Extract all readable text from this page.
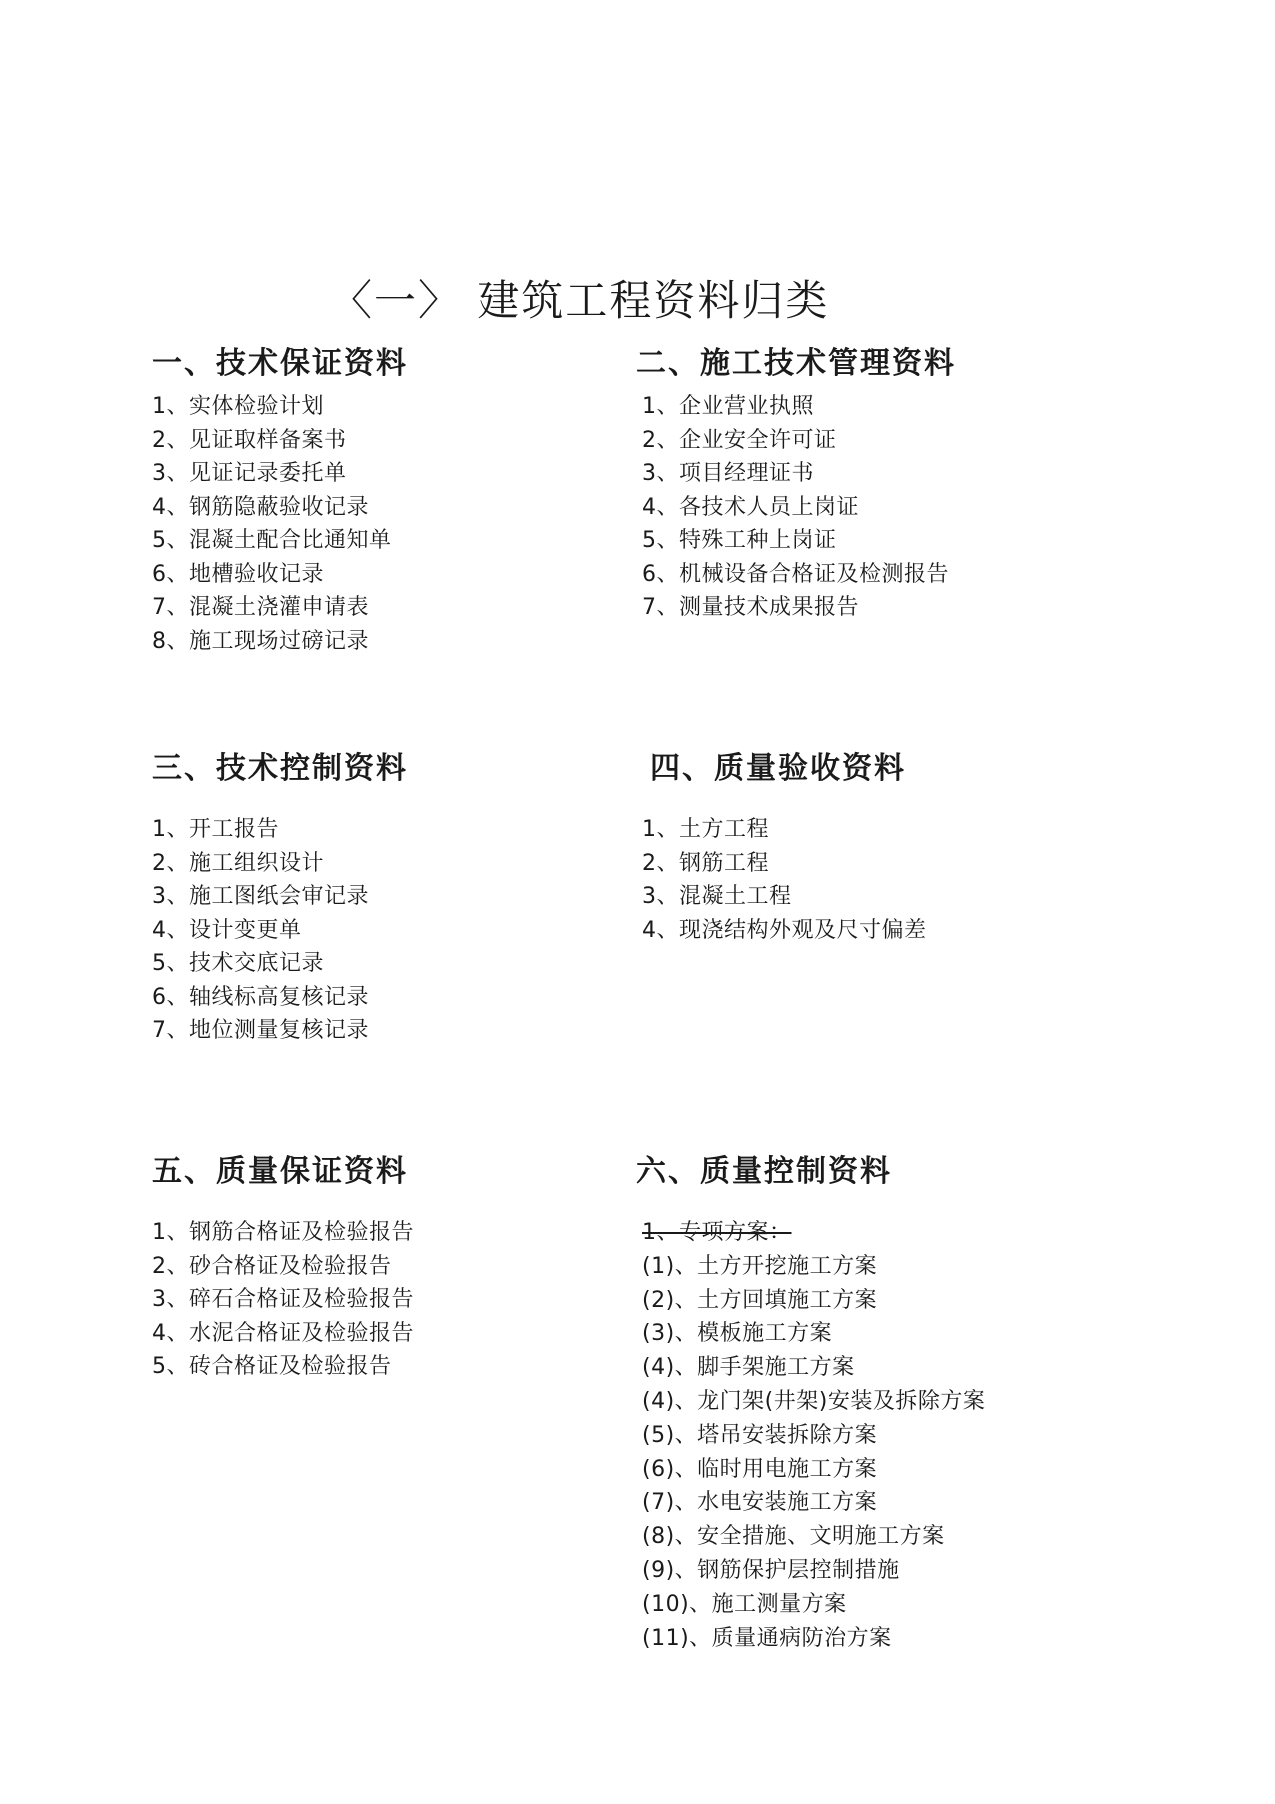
〈一〉 建筑工程资料归类
一、技术保证资料
1、实体检验计划
2、见证取样备案书
3、见证记录委托单
4、钢筋隐蔽验收记录
5、混凝土配合比通知单
6、地槽验收记录
7、混凝土浇灌申请表
8、施工现场过磅记录
二、施工技术管理资料
1、企业营业执照
2、企业安全许可证
3、项目经理证书
4、各技术人员上岗证
5、特殊工种上岗证
6、机械设备合格证及检测报告
7、测量技术成果报告
三、技术控制资料
1、开工报告
2、施工组织设计
3、施工图纸会审记录
4、设计变更单
5、技术交底记录
6、轴线标高复核记录
7、地位测量复核记录
四、质量验收资料
1、土方工程
2、钢筋工程
3、混凝土工程
4、现浇结构外观及尺寸偏差
五、质量保证资料
1、钢筋合格证及检验报告
2、砂合格证及检验报告
3、碎石合格证及检验报告
4、水泥合格证及检验报告
5、砖合格证及检验报告
六、质量控制资料
1、专项方案：
(1)、土方开挖施工方案
(2)、土方回填施工方案
(3)、模板施工方案
(4)、脚手架施工方案
(4)、龙门架(井架)安装及拆除方案
(5)、塔吊安装拆除方案
(6)、临时用电施工方案
(7)、水电安装施工方案
(8)、安全措施、文明施工方案
(9)、钢筋保护层控制措施
(10)、施工测量方案
(11)、质量通病防治方案
